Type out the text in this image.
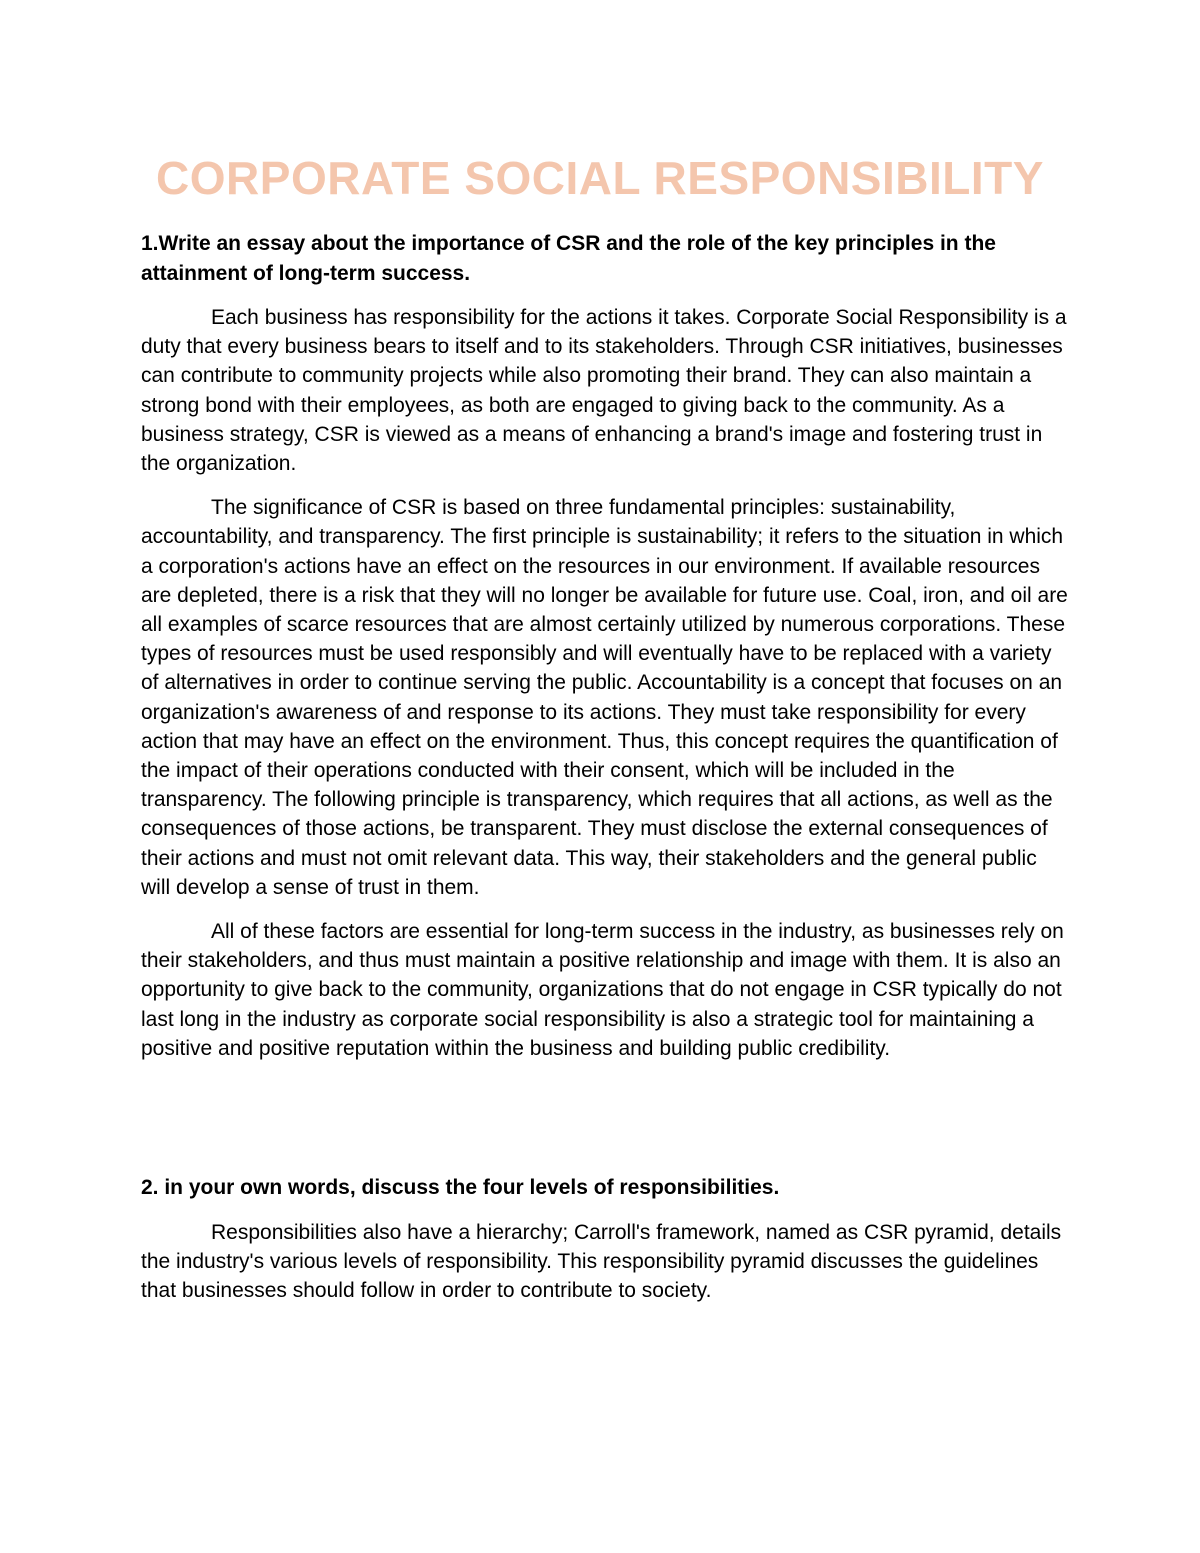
CORPORATE SOCIAL RESPONSIBILITY
1.Write an essay about the importance of CSR and the role of the key principles in the attainment of long-term success.

Each business has responsibility for the actions it takes. Corporate Social Responsibility is a duty that every business bears to itself and to its stakeholders. Through CSR initiatives, businesses can contribute to community projects while also promoting their brand. They can also maintain a strong bond with their employees, as both are engaged to giving back to the community. As a business strategy, CSR is viewed as a means of enhancing a brand's image and fostering trust in the organization.

The significance of CSR is based on three fundamental principles: sustainability, accountability, and transparency. The first principle is sustainability; it refers to the situation in which a corporation's actions have an effect on the resources in our environment. If available resources are depleted, there is a risk that they will no longer be available for future use. Coal, iron, and oil are all examples of scarce resources that are almost certainly utilized by numerous corporations. These types of resources must be used responsibly and will eventually have to be replaced with a variety of alternatives in order to continue serving the public. Accountability is a concept that focuses on an organization's awareness of and response to its actions. They must take responsibility for every action that may have an effect on the environment. Thus, this concept requires the quantification of the impact of their operations conducted with their consent, which will be included in the transparency. The following principle is transparency, which requires that all actions, as well as the consequences of those actions, be transparent. They must disclose the external consequences of their actions and must not omit relevant data. This way, their stakeholders and the general public will develop a sense of trust in them.

All of these factors are essential for long-term success in the industry, as businesses rely on their stakeholders, and thus must maintain a positive relationship and image with them. It is also an opportunity to give back to the community, organizations that do not engage in CSR typically do not last long in the industry as corporate social responsibility is also a strategic tool for maintaining a positive and positive reputation within the business and building public credibility.

2. in your own words, discuss the four levels of responsibilities.

Responsibilities also have a hierarchy; Carroll's framework, named as CSR pyramid, details the industry's various levels of responsibility. This responsibility pyramid discusses the guidelines that businesses should follow in order to contribute to society.
